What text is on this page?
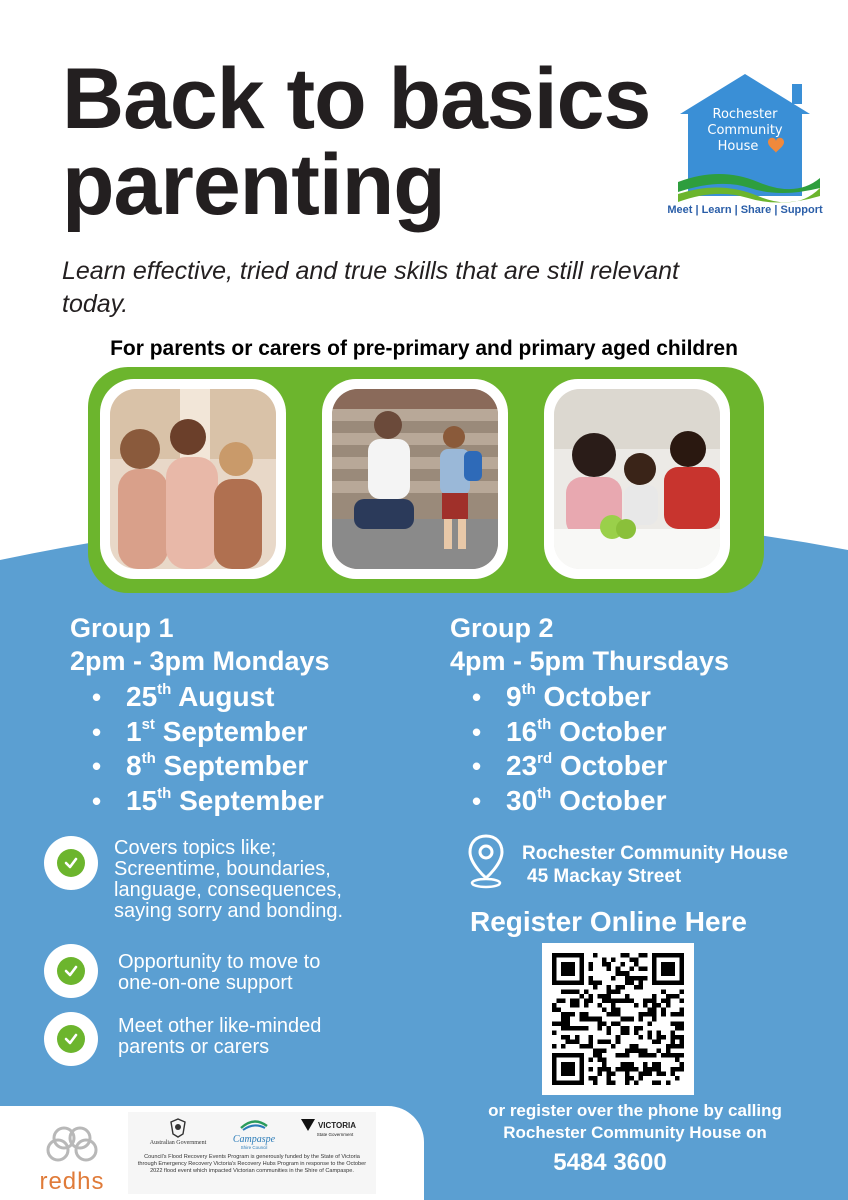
Back to basics
parenting
Rochester
Community
House
Meet | Learn | Share | Support

Learn effective, tried and true skills that are still relevant today.

For parents or carers of pre-primary and primary aged children

Group 1
2pm - 3pm Mondays
• 25th August
• 1st September
• 8th September
• 15th September
Group 2
4pm - 5pm Thursdays
• 9th October
• 16th October
• 23rd October
• 30th October
Covers topics like;
Screentime, boundaries,
language, consequences,
saying sorry and bonding.
Opportunity to move to
one-on-one support
Meet other like-minded
parents or carers
Rochester Community House
45 Mackay Street
Register Online Here
or register over the phone by calling
Rochester Community House on
5484 3600
redhs
Australian Government	Campaspe
Shire Council
VICTORIA
State Government
Council's Flood Recovery Events Program is generously funded by the State of Victoria through Emergency Recovery Victoria's Recovery Hubs Program in response to the October 2022 flood event which impacted Victorian communities in the Shire of Campaspe.
